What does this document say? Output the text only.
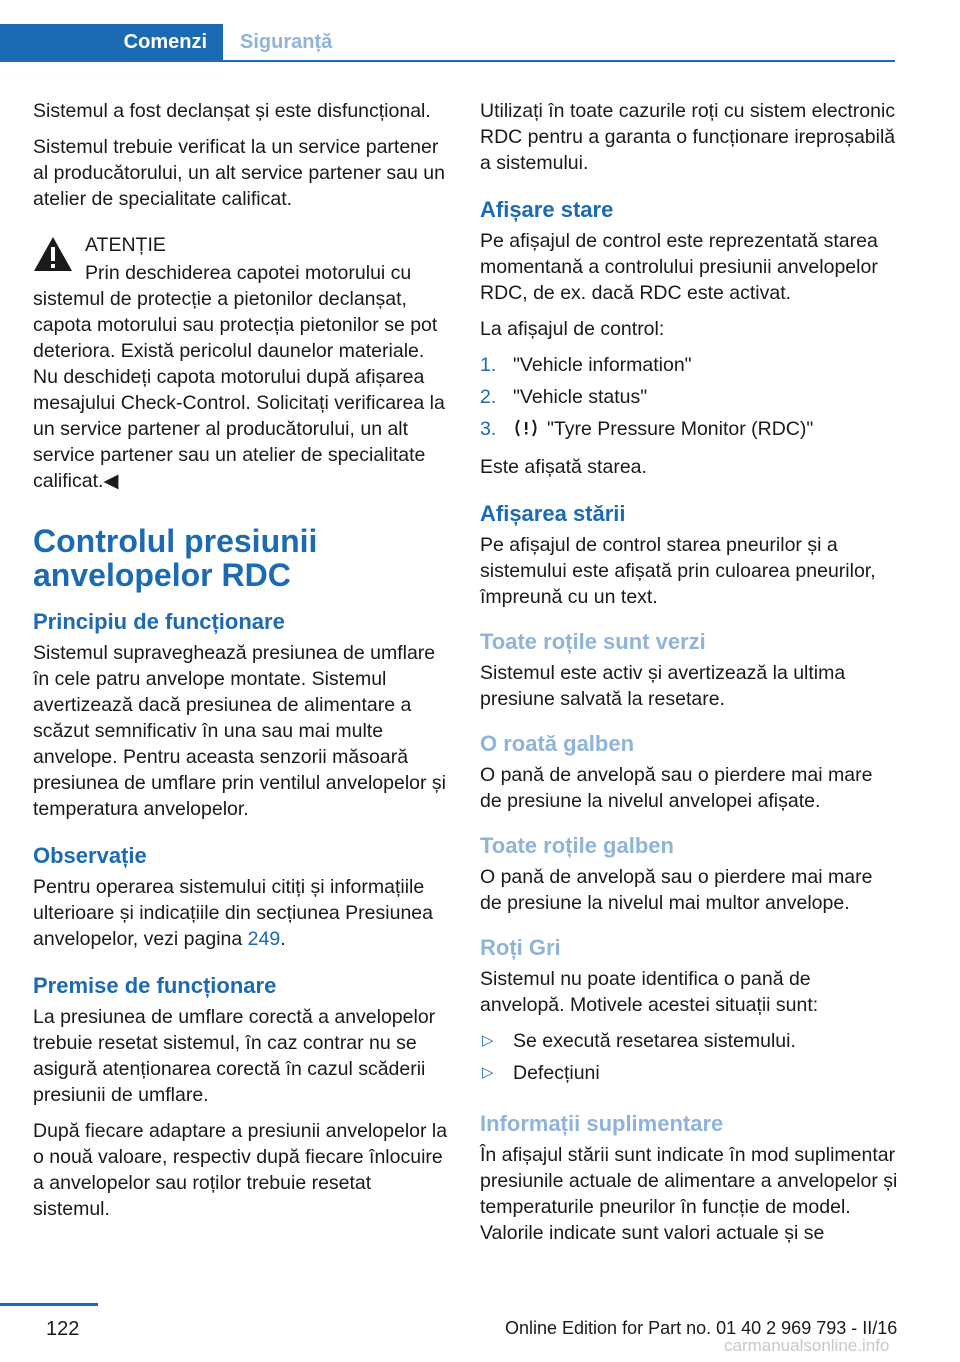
Comenzi Siguranță

Sistemul a fost declanșat și este disfuncțional.

Sistemul trebuie verificat la un service partener al producătorului, un alt service partener sau un atelier de specialitate calificat.

ATENȚIE
Prin deschiderea capotei motorului cu
sistemul de protecție a pietonilor declanșat, capota motorului sau protecția pietonilor se pot deteriora. Există pericolul daunelor materiale. Nu deschideți capota motorului după afișarea mesajului Check-Control. Solicitați verificarea la un service partener al producătorului, un alt service partener sau un atelier de specialitate calificat.◀
Controlul presiunii anvelopelor RDC
Principiu de funcționare

Sistemul supraveghează presiunea de umflare în cele patru anvelope montate. Sistemul avertizează dacă presiunea de alimentare a scăzut semnificativ în una sau mai multe anvelope. Pentru aceasta senzorii măsoară presiunea de umflare prin ventilul anvelopelor și temperatura anvelopelor.

Observație

Pentru operarea sistemului citiți și informațiile ulterioare și indicațiile din secțiunea Presiunea anvelopelor, vezi pagina 249.

Premise de funcționare

La presiunea de umflare corectă a anvelopelor trebuie resetat sistemul, în caz contrar nu se asigură atenționarea corectă în cazul scăderii presiunii de umflare.

După fiecare adaptare a presiunii anvelopelor la o nouă valoare, respectiv după fiecare înlocuire a anvelopelor sau roților trebuie resetat sistemul.

Utilizați în toate cazurile roți cu sistem electronic RDC pentru a garanta o funcționare ireproșabilă a sistemului.

Afișare stare

Pe afișajul de control este reprezentată starea momentană a controlului presiunii anvelopelor RDC, de ex. dacă RDC este activat.

La afișajul de control:

1. "Vehicle information"
2. "Vehicle status"
3.	"Tyre Pressure Monitor (RDC)"

Este afișată starea.

Afișarea stării

Pe afișajul de control starea pneurilor și a sistemului este afișată prin culoarea pneurilor, împreună cu un text.

Toate roțile sunt verzi

Sistemul este activ și avertizează la ultima presiune salvată la resetare.

O roată galben

O pană de anvelopă sau o pierdere mai mare de presiune la nivelul anvelopei afișate.

Toate roțile galben

O pană de anvelopă sau o pierdere mai mare de presiune la nivelul mai multor anvelope.

Roți Gri

Sistemul nu poate identifica o pană de anvelopă. Motivele acestei situații sunt:

▷ Se execută resetarea sistemului.
▷ Defecțiuni
Informații suplimentare

În afișajul stării sunt indicate în mod suplimentar presiunile actuale de alimentare a anvelopelor și temperaturile pneurilor în funcție de model. Valorile indicate sunt valori actuale și se

122	Online Edition for Part no. 01 40 2 969 793 - II/16
carmanualsonline.info
